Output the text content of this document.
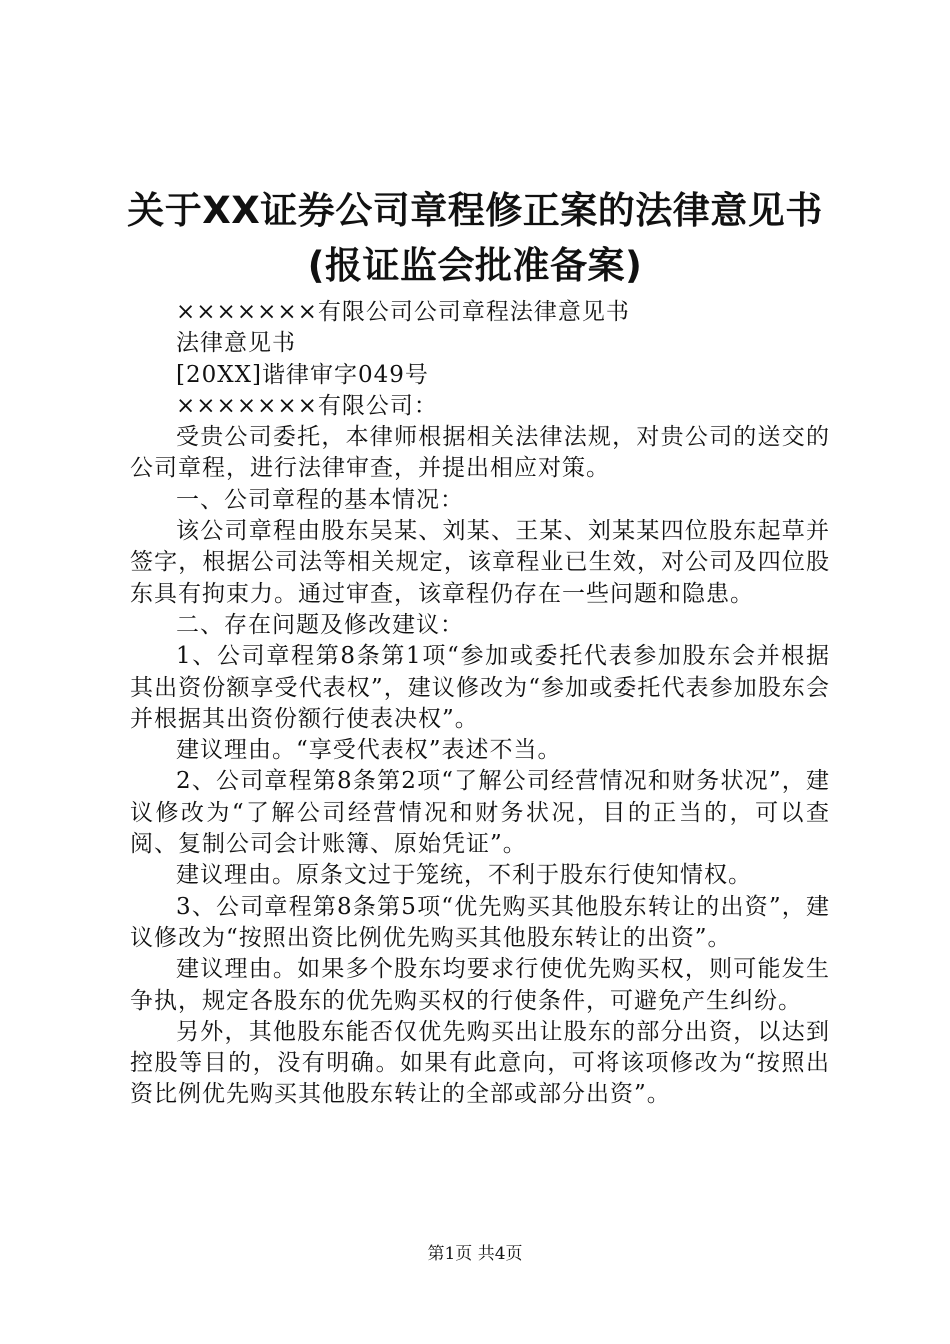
关于XX证券公司章程修正案的法律意见书(报证监会批准备案)

×××××××有限公司公司章程法律意见书

法律意见书

[20XX]谐律审字049号

×××××××有限公司：

受贵公司委托，本律师根据相关法律法规，对贵公司的送交的公司章程，进行法律审查，并提出相应对策。

一、公司章程的基本情况：

该公司章程由股东吴某、刘某、王某、刘某某四位股东起草并签字，根据公司法等相关规定，该章程业已生效，对公司及四位股东具有拘束力。通过审查，该章程仍存在一些问题和隐患。

二、存在问题及修改建议：

1、公司章程第8条第1项“参加或委托代表参加股东会并根据其出资份额享受代表权”，建议修改为“参加或委托代表参加股东会并根据其出资份额行使表决权”。

建议理由。“享受代表权”表述不当。

2、公司章程第8条第2项“了解公司经营情况和财务状况”，建议修改为“了解公司经营情况和财务状况，目的正当的，可以查阅、复制公司会计账簿、原始凭证”。

建议理由。原条文过于笼统，不利于股东行使知情权。

3、公司章程第8条第5项“优先购买其他股东转让的出资”，建议修改为“按照出资比例优先购买其他股东转让的出资”。

建议理由。如果多个股东均要求行使优先购买权，则可能发生争执，规定各股东的优先购买权的行使条件，可避免产生纠纷。

另外，其他股东能否仅优先购买出让股东的部分出资，以达到控股等目的，没有明确。如果有此意向，可将该项修改为“按照出资比例优先购买其他股东转让的全部或部分出资”。

第1页 共4页
